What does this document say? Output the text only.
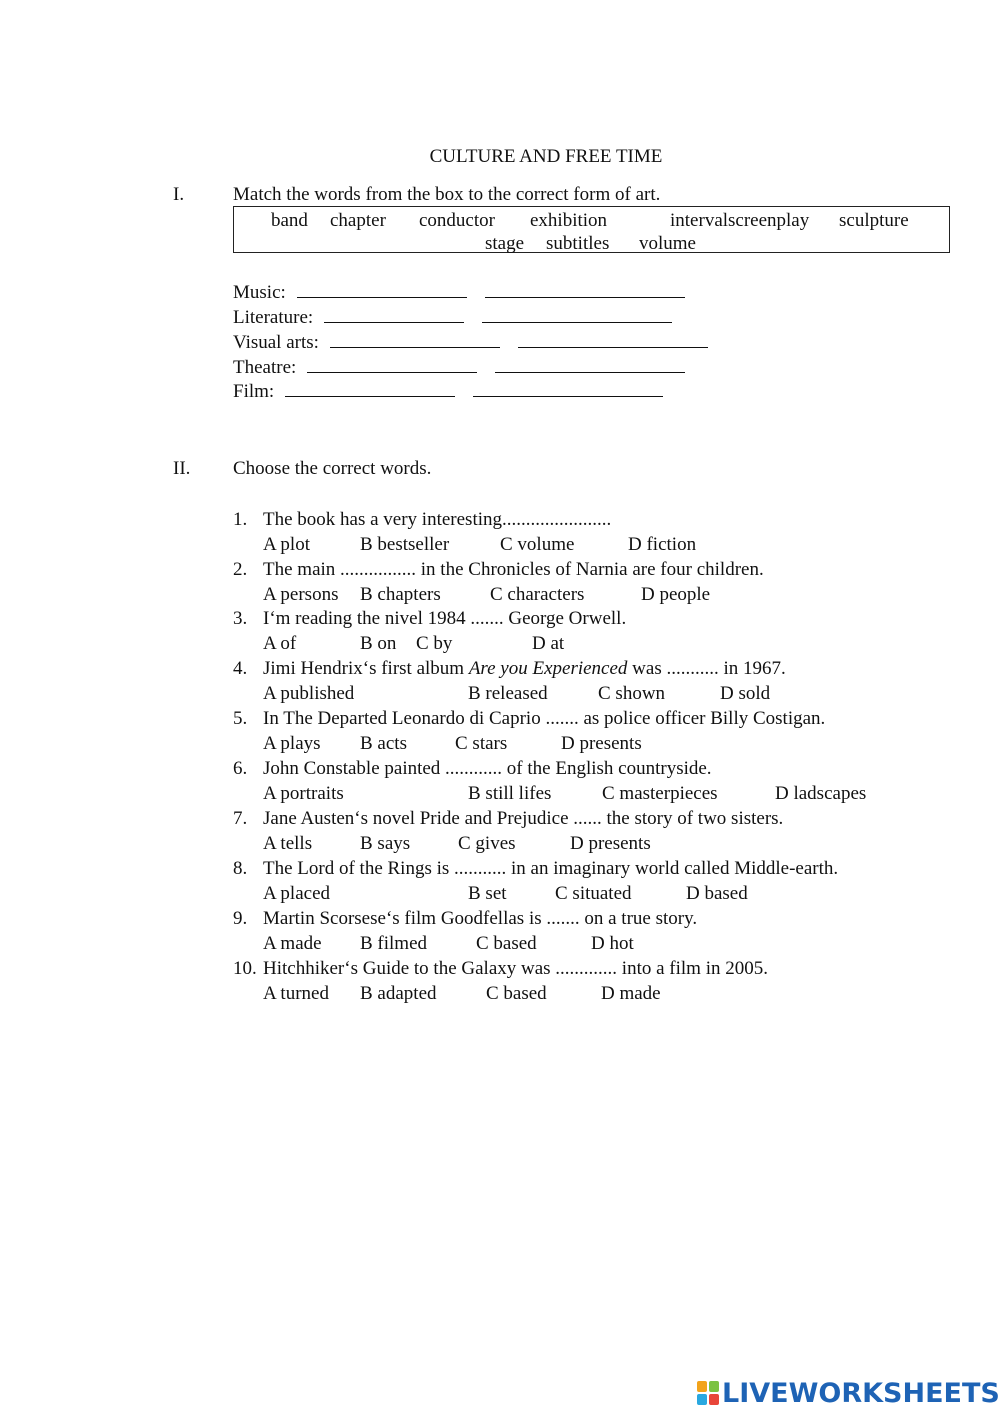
CULTURE AND FREE TIME
I.	Match the words from the box to the correct form of art.
band chapter conductor exhibition	interval screenplay sculpture
stage subtitles volume
Music:
Literature:
Visual arts:
Theatre:
Film:
II. Choose the correct words.
1. The book has a very interesting.......................
A plot	B bestseller	C volume	D fiction
2. The main ................ in the Chronicles of Narnia are four children.
A persons B chapters	C characters	D people
3. I‘m reading the nivel 1984 ....... George Orwell.
A of	B on C by	D at
4. Jimi Hendrix‘s first album Are you Experienced was ........... in 1967.
A published	B released	C shown	D sold
5. In The Departed Leonardo di Caprio ....... as police officer Billy Costigan.
A plays B acts	C stars	D presents
6. John Constable painted ............ of the English countryside.
A portraits	B still lifes	C masterpieces	D ladscapes
7. Jane Austen‘s novel Pride and Prejudice ...... the story of two sisters.
A tells	B says	C gives	D presents
8. The Lord of the Rings is ........... in an imaginary world called Middle-earth.
A placed	B set	C situated	D based
9. Martin Scorsese‘s film Goodfellas is ....... on a true story.
A made B filmed	C based	D hot
10. Hitchhiker‘s Guide to the Galaxy was ............. into a film in 2005.
A turned B adapted	C based	D made
LIVEWORKSHEETS
